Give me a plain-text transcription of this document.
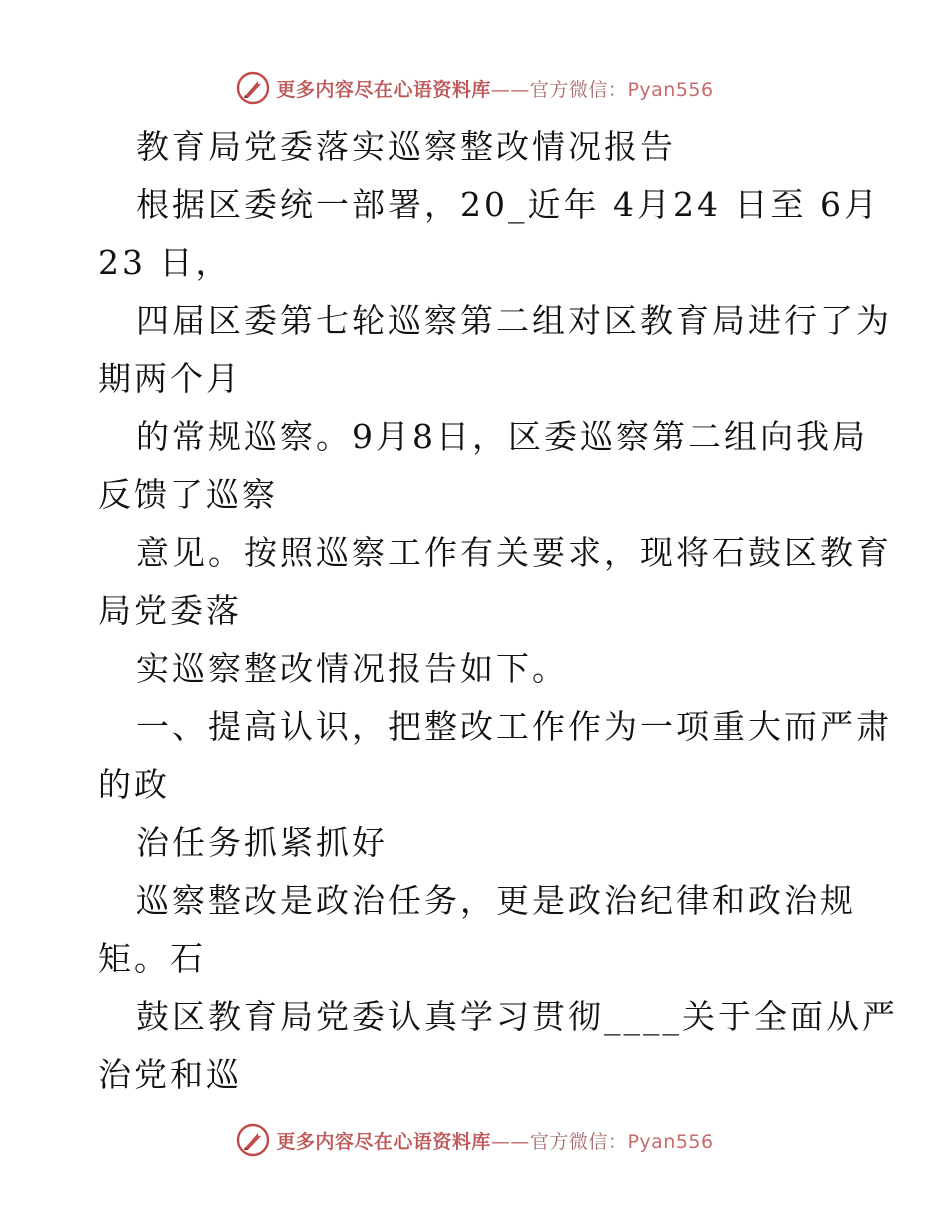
更多内容尽在心语资料库——官方微信：Pyan556
教育局党委落实巡察整改情况报告
根据区委统一部署，20_近年 4月24 日至 6月
23 日，
四届区委第七轮巡察第二组对区教育局进行了为
期两个月
的常规巡察。9月8日，区委巡察第二组向我局
反馈了巡察
意见。按照巡察工作有关要求，现将石鼓区教育
局党委落
实巡察整改情况报告如下。
一、提高认识，把整改工作作为一项重大而严肃
的政
治任务抓紧抓好
巡察整改是政治任务，更是政治纪律和政治规
矩。石
鼓区教育局党委认真学习贯彻____关于全面从严
治党和巡
更多内容尽在心语资料库——官方微信：Pyan556
